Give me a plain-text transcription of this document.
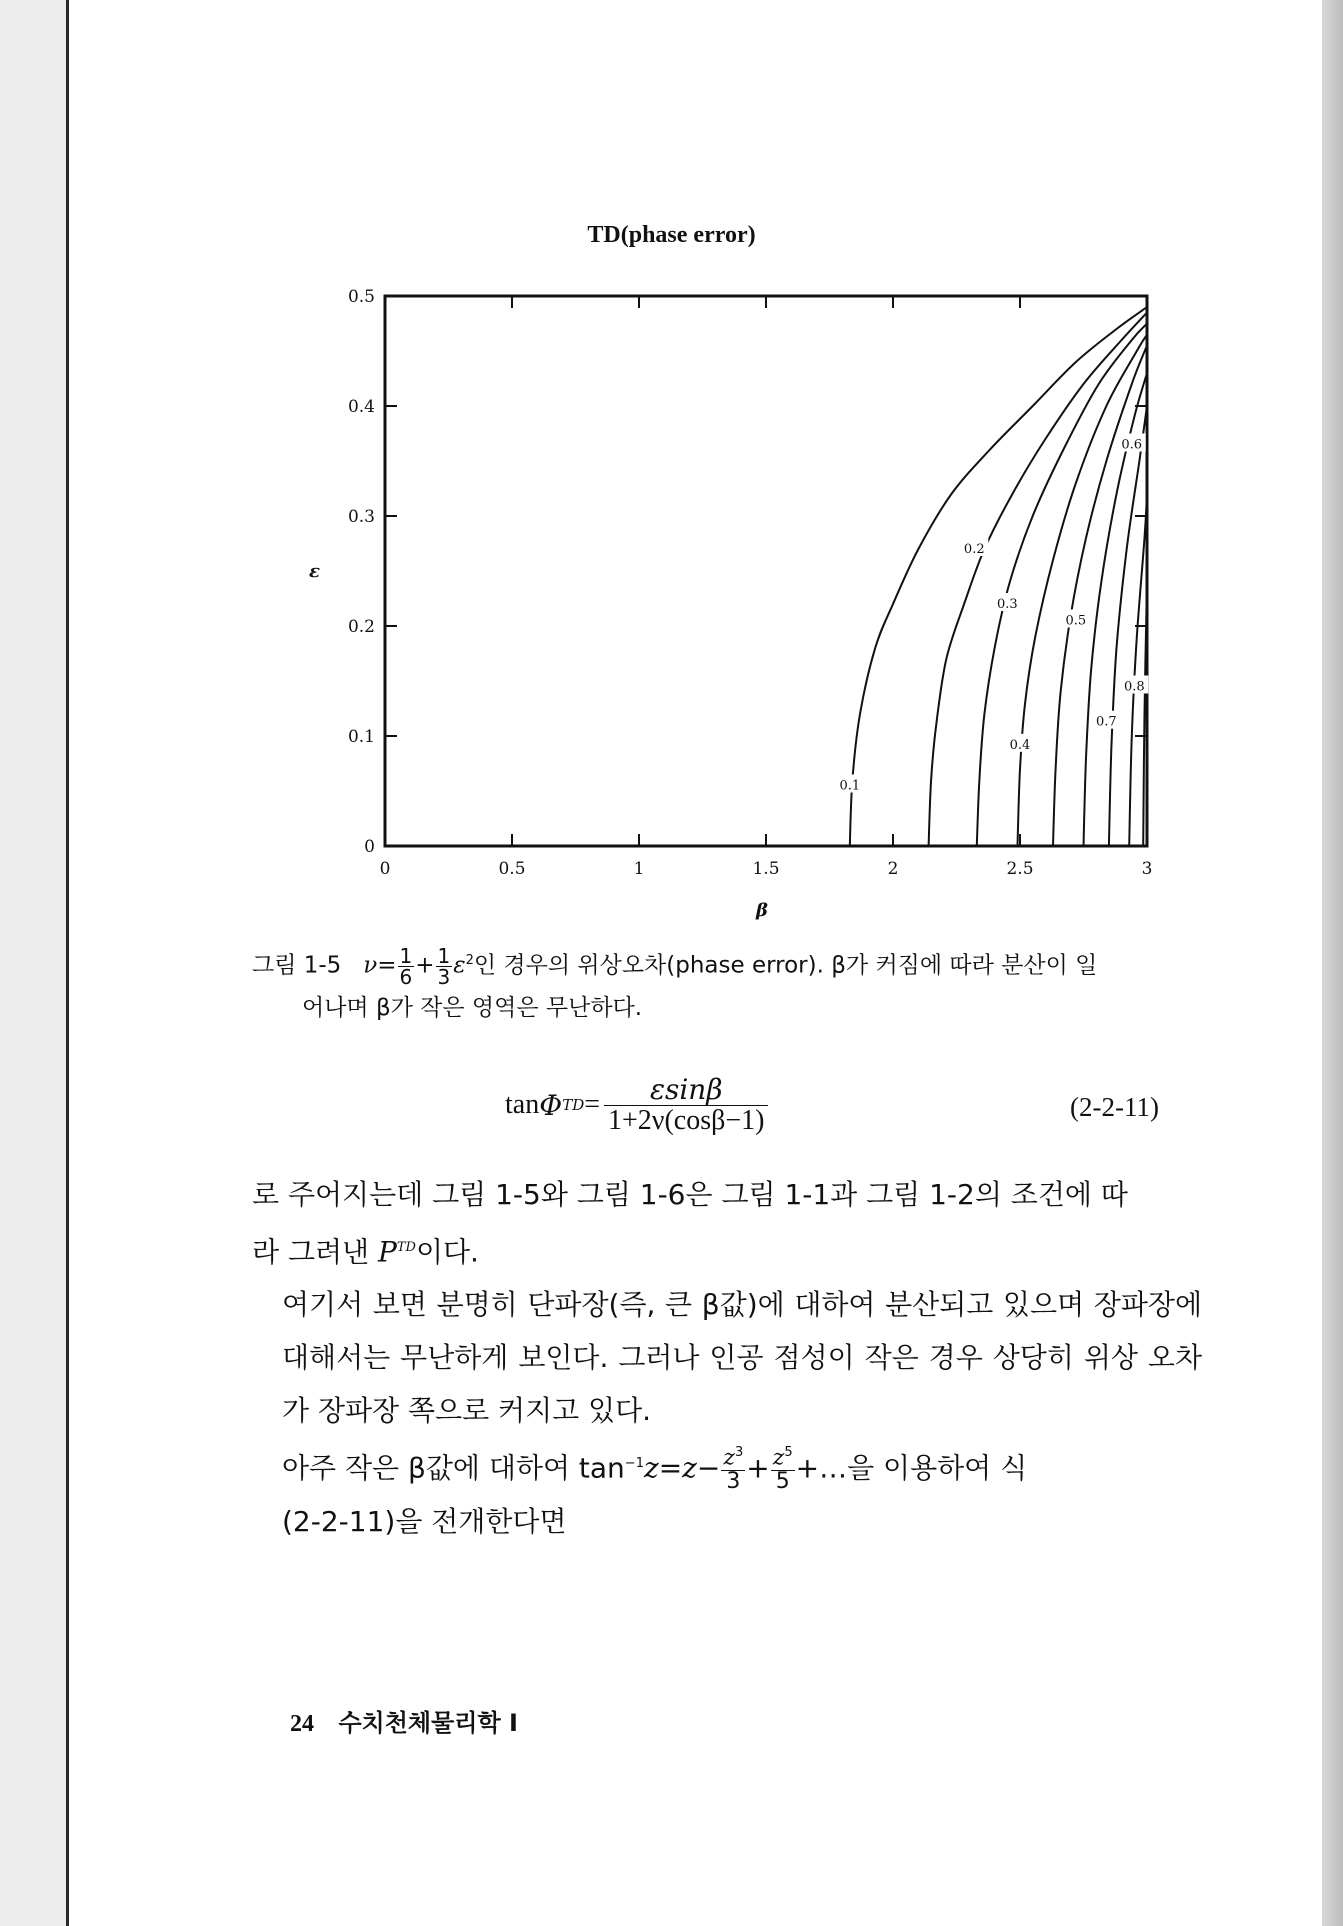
TD(phase error)
0	0.5	1	1.5	2	2.5	3
0
0.1
0.2
0.3
0.4
0.5
0.1
0.2
0.3
0.4
0.5
0.6
0.7
0.8
ε
β
그림 1-5 $\nu= \frac{1}{6} + \frac{1}{3} \varepsilon^2$인 경우의 위상오차(phase error). β가 커짐에 따라 분산이 일
어나며 β가 작은 영역은 무난하다.
tan Φ TD = $\frac{\varepsilon\sin\beta}{1+2\nu(\cos\beta-1)}$	(2-2-11)

로 주어지는데 그림 1-5와 그림 1-6은 그림 1-1과 그림 1-2의 조건에 따
라 그려낸 $P^{TD}$이다.

여기서 보면 분명히 단파장(즉, 큰 β값)에 대하여 분산되고 있으며 장파장에 대해서는 무난하게 보인다. 그러나 인공 점성이 작은 경우 상당히 위상 오차가 장파장 쪽으로 커지고 있다.

아주 작은 β값에 대하여 $\tan^{-1}z=z- \frac{z^3}{3} + \frac{z^5}{5}$ +…을 이용하여 식
(2-2-11)을 전개한다면

24 수치천체물리학 I
